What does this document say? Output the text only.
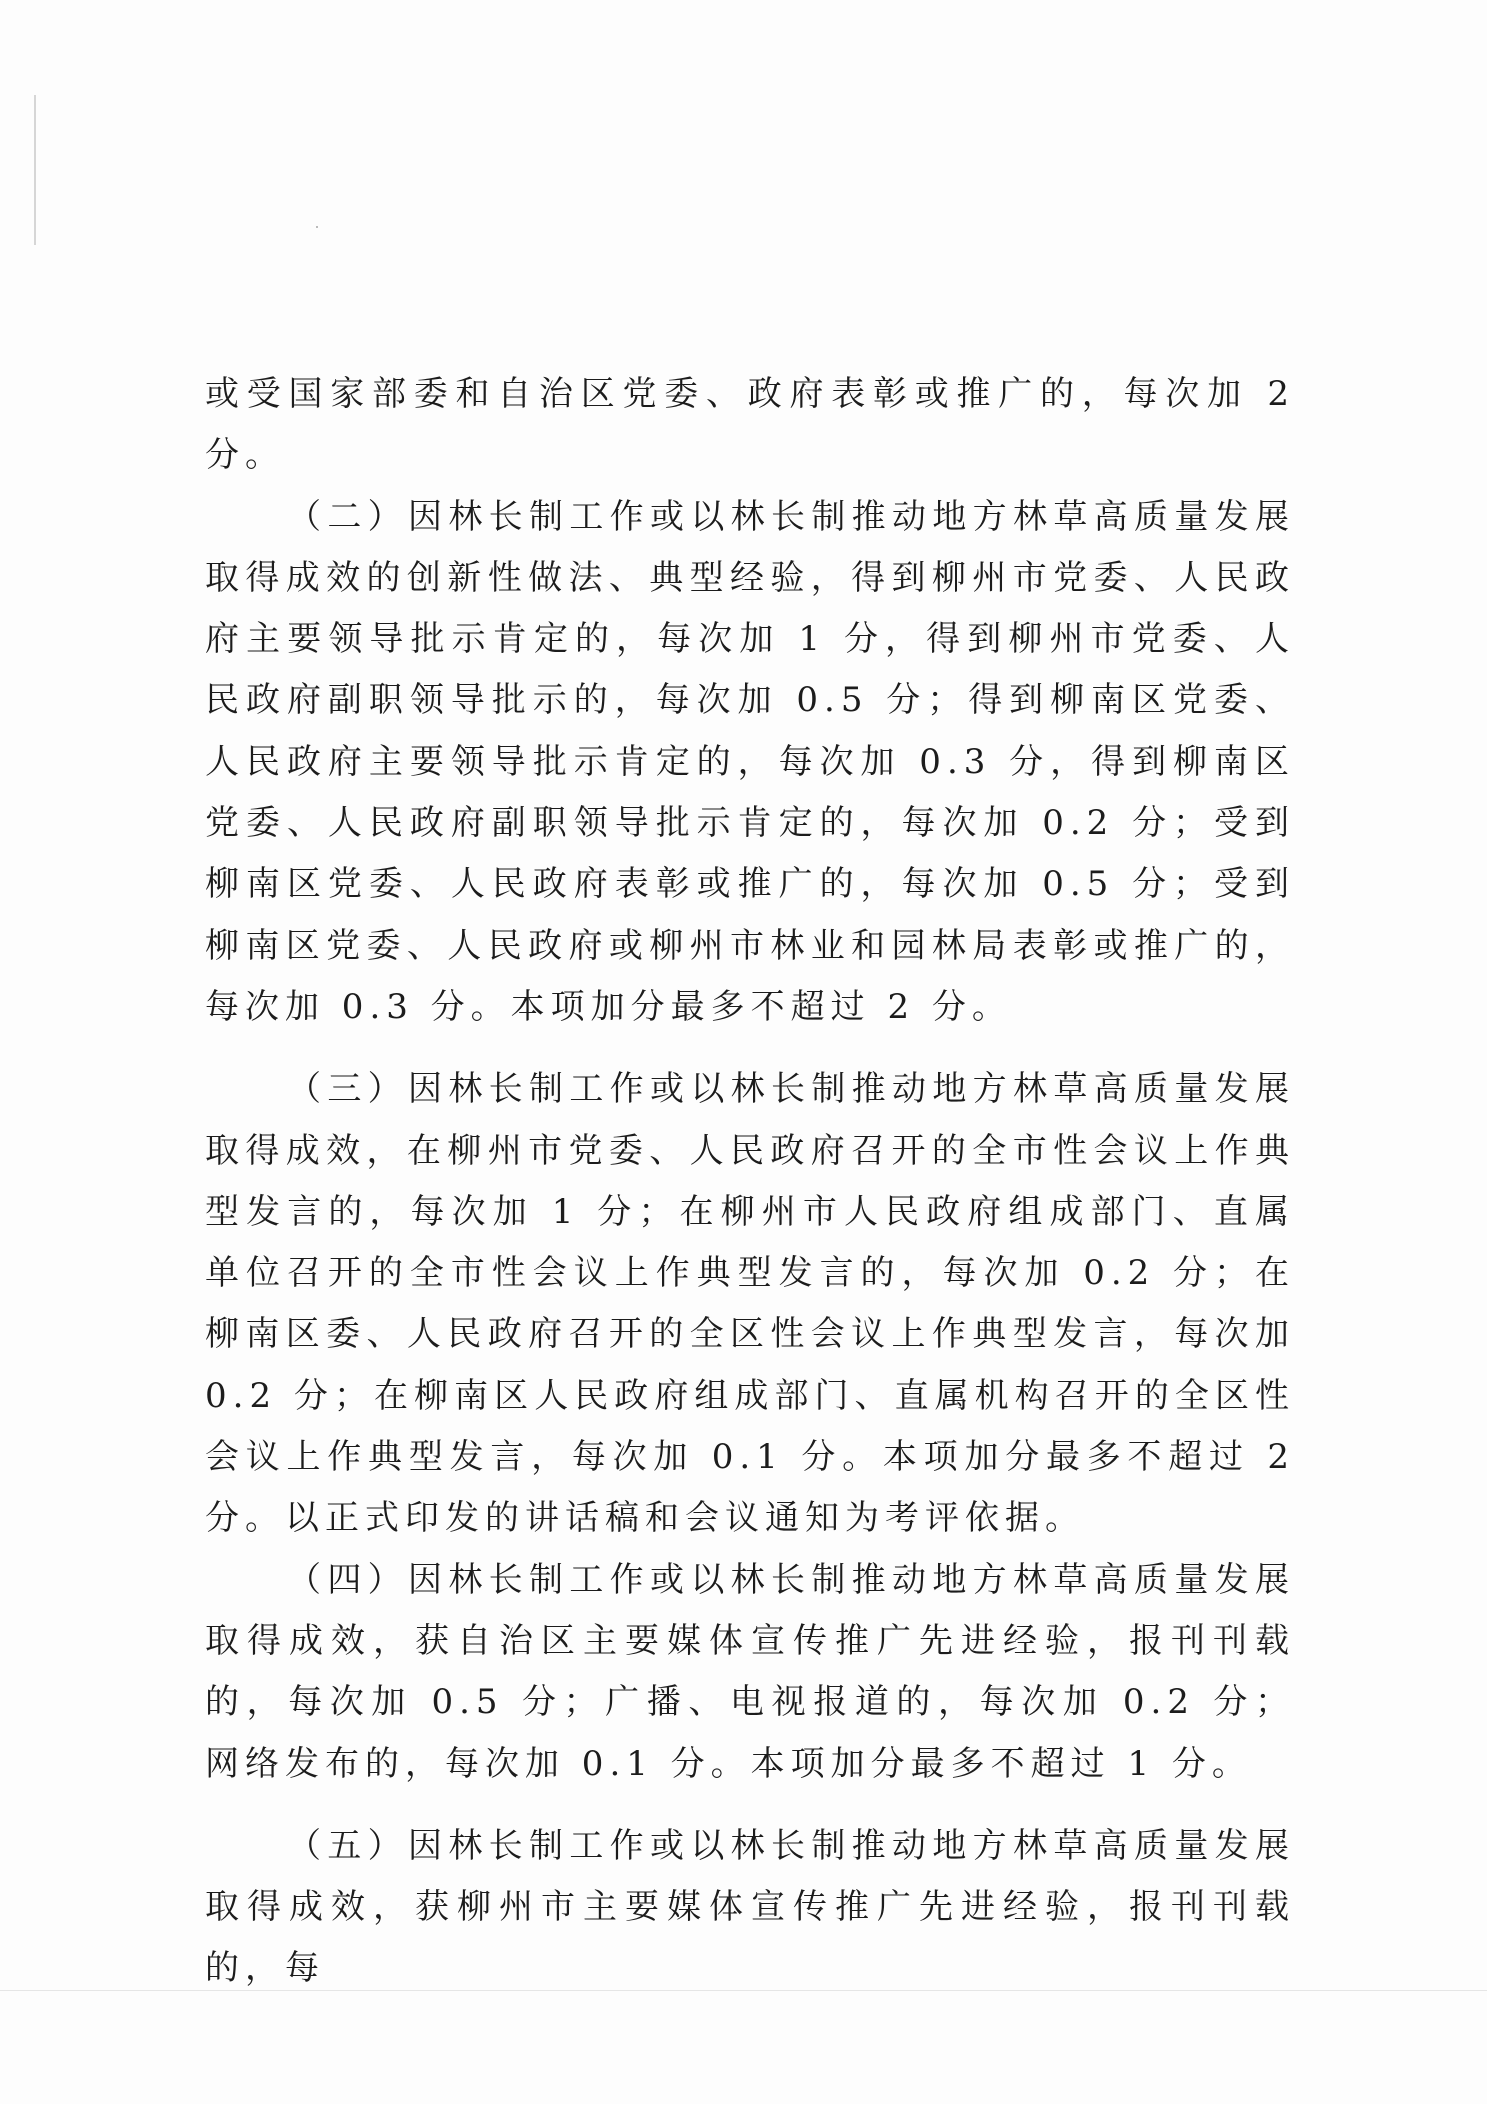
或受国家部委和自治区党委、政府表彰或推广的，每次加 2 分。

（二）因林长制工作或以林长制推动地方林草高质量发展取得成效的创新性做法、典型经验，得到柳州市党委、人民政府主要领导批示肯定的，每次加 1 分，得到柳州市党委、人民政府副职领导批示的，每次加 0.5 分；得到柳南区党委、人民政府主要领导批示肯定的，每次加 0.3 分，得到柳南区党委、人民政府副职领导批示肯定的，每次加 0.2 分；受到柳南区党委、人民政府表彰或推广的，每次加 0.5 分；受到柳南区党委、人民政府或柳州市林业和园林局表彰或推广的，每次加 0.3 分。本项加分最多不超过 2 分。

（三）因林长制工作或以林长制推动地方林草高质量发展取得成效，在柳州市党委、人民政府召开的全市性会议上作典型发言的，每次加 1 分；在柳州市人民政府组成部门、直属单位召开的全市性会议上作典型发言的，每次加 0.2 分；在柳南区委、人民政府召开的全区性会议上作典型发言，每次加 0.2 分；在柳南区人民政府组成部门、直属机构召开的全区性会议上作典型发言，每次加 0.1 分。本项加分最多不超过 2 分。以正式印发的讲话稿和会议通知为考评依据。

（四）因林长制工作或以林长制推动地方林草高质量发展取得成效，获自治区主要媒体宣传推广先进经验，报刊刊载的，每次加 0.5 分；广播、电视报道的，每次加 0.2 分；网络发布的，每次加 0.1 分。本项加分最多不超过 1 分。

（五）因林长制工作或以林长制推动地方林草高质量发展取得成效，获柳州市主要媒体宣传推广先进经验，报刊刊载的，每
